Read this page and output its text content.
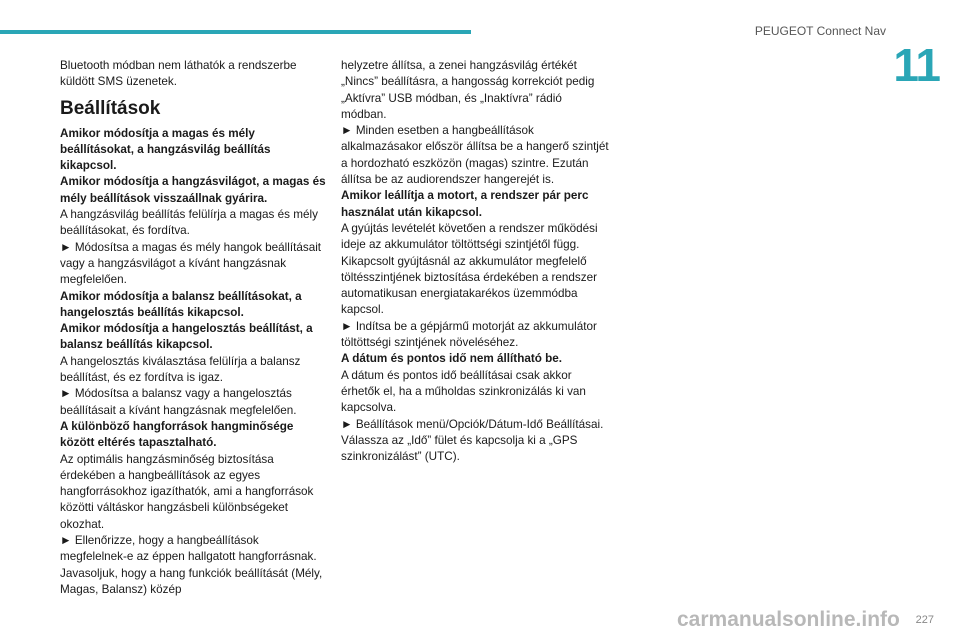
PEUGEOT Connect Nav
11

Bluetooth módban nem láthatók a rendszerbe küldött SMS üzenetek.

Beállítások

Amikor módosítja a magas és mély beállításokat, a hangzásvilág beállítás kikapcsol.

Amikor módosítja a hangzásvilágot, a magas és mély beállítások visszaállnak gyárira.

A hangzásvilág beállítás felülírja a magas és mély beállításokat, és fordítva.

► Módosítsa a magas és mély hangok beállításait vagy a hangzásvilágot a kívánt hangzásnak megfelelően.

Amikor módosítja a balansz beállításokat, a hangelosztás beállítás kikapcsol.

Amikor módosítja a hangelosztás beállítást, a balansz beállítás kikapcsol.

A hangelosztás kiválasztása felülírja a balansz beállítást, és ez fordítva is igaz.

► Módosítsa a balansz vagy a hangelosztás beállításait a kívánt hangzásnak megfelelően.

A különböző hangforrások hangminősége között eltérés tapasztalható.

Az optimális hangzásminőség biztosítása érdekében a hangbeállítások az egyes hangforrásokhoz igazíthatók, ami a hangforrások közötti váltáskor hangzásbeli különbségeket okozhat.

► Ellenőrizze, hogy a hangbeállítások megfelelnek-e az éppen hallgatott hangforrásnak. Javasoljuk, hogy a hang funkciók beállítását (Mély, Magas, Balansz) közép

helyzetre állítsa, a zenei hangzásvilág értékét „Nincs” beállításra, a hangosság korrekciót pedig „Aktívra” USB módban, és „Inaktívra” rádió módban.

► Minden esetben a hangbeállítások alkalmazásakor először állítsa be a hangerő szintjét a hordozható eszközön (magas) szintre. Ezután állítsa be az audiorendszer hangerejét is.

Amikor leállítja a motort, a rendszer pár perc használat után kikapcsol.

A gyújtás levételét követően a rendszer működési ideje az akkumulátor töltöttségi szintjétől függ.

Kikapcsolt gyújtásnál az akkumulátor megfelelő töltésszintjének biztosítása érdekében a rendszer automatikusan energiatakarékos üzemmódba kapcsol.

► Indítsa be a gépjármű motorját az akkumulátor töltöttségi szintjének növeléséhez.

A dátum és pontos idő nem állítható be.

A dátum és pontos idő beállításai csak akkor érhetők el, ha a műholdas szinkronizálás ki van kapcsolva.

► Beállítások menü/Opciók/Dátum-Idő Beállításai. Válassza az „Idő” fület és kapcsolja ki a „GPS szinkronizálást” (UTC).

carmanualsonline.info 227
